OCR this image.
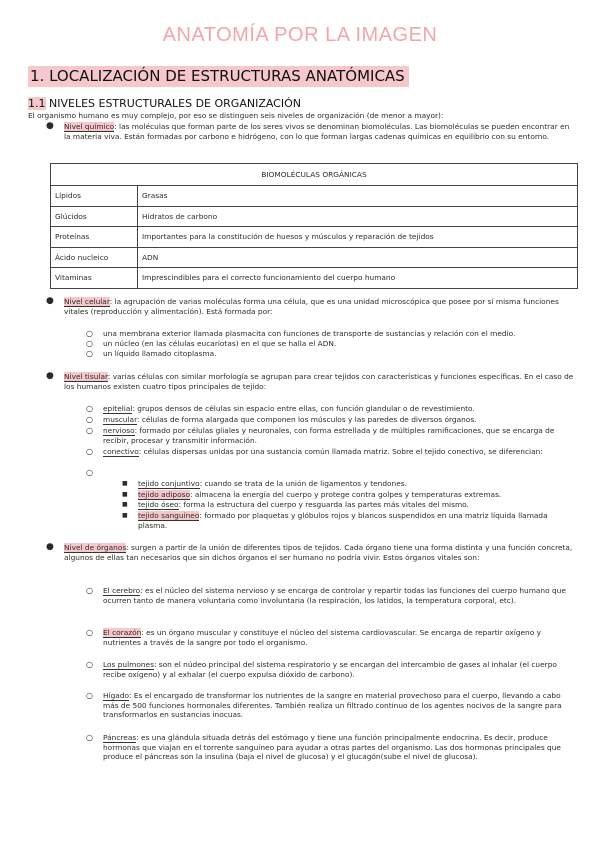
ANATOMÍA POR LA IMAGEN
1. LOCALIZACIÓN DE ESTRUCTURAS ANATÓMICAS
1.1 NIVELES ESTRUCTURALES DE ORGANIZACIÓN
El organismo humano es muy complejo, por eso se distinguen seis niveles de organización (de menor a mayor):
● Nivel químico: las moléculas que forman parte de los seres vivos se denominan biomoléculas. Las biomoléculas se pueden encontrar en la materia viva. Están formadas por carbono e hidrógeno, con lo que forman largas cadenas químicas en equilibrio con su entorno.
BIOMOLÉCULAS ORGÁNICAS	
Lípidos	Grasas
Glúcidos	Hidratos de carbono
Proteínas	Importantes para la constitución de huesos y músculos y reparación de tejidos
Ácido nucleico	ADN
Vitaminas	Imprescindibles para el correcto funcionamiento del cuerpo humano
● Nivel celular: la agrupación de varias moléculas forma una célula, que es una unidad microscópica que posee por sí misma funciones vitales (reproducción y alimentación). Está formada por:
○ una membrana exterior llamada plasmacita con funciones de transporte de sustancias y relación con el medio.
○ un núcleo (en las células eucariotas) en el que se halla el ADN.
○ un líquido llamado citoplasma.
● Nivel tisular: varias células con similar morfología se agrupan para crear tejidos con características y funciones específicas. En el caso de los humanos existen cuatro tipos principales de tejido:
○ epitelial: grupos densos de células sin espacio entre ellas, con función glandular o de revestimiento.
○ muscular: células de forma alargada que componen los músculos y las paredes de diversos órganos.
○ nervioso: formado por células gliales y neuronales, con forma estrellada y de múltiples ramificaciones, que se encarga de recibir, procesar y transmitir información.
○ conectivo: células dispersas unidas por una sustancia común llamada matriz. Sobre el tejido conectivo, se diferencian:
○
■ tejido conjuntivo: cuando se trata de la unión de ligamentos y tendones.
■ tejido adiposo: almacena la energía del cuerpo y protege contra golpes y temperaturas extremas.
■ tejido óseo: forma la estructura del cuerpo y resguarda las partes más vitales del mismo.
■ tejido sanguíneo: formado por plaquetas y glóbulos rojos y blancos suspendidos en una matriz líquida llamada plasma.
● Nivel de órganos: surgen a partir de la unión de diferentes tipos de tejidos. Cada órgano tiene una forma distinta y una función concreta, algunos de ellas tan necesarios que sin dichos órganos el ser humano no podría vivir. Estos órganos vitales son:
○ El cerebro: es el núcleo del sistema nervioso y se encarga de controlar y repartir todas las funciones del cuerpo humano que ocurren tanto de manera voluntaria como involuntaria (la respiración, los latidos, la temperatura corporal, etc).
○ El corazón: es un órgano muscular y constituye el núcleo del sistema cardiovascular. Se encarga de repartir oxígeno y nutrientes a través de la sangre por todo el organismo.
○ Los pulmones: son el núdeo principal del sistema respiratorio y se encargan del intercambio de gases al inhalar (el cuerpo recibe oxígeno) y al exhalar (el cuerpo expulsa dióxido de carbono).
○ Hígado: Es el encargado de transformar los nutrientes de la sangre en material provechoso para el cuerpo, llevando a cabo más de 500 funciones hormonales diferentes. También realiza un filtrado continuo de los agentes nocivos de la sangre para transformarlos en sustancias inocuas.
○ Páncreas: es una glándula situada detrás del estómago y tiene una función principalmente endocrina. Es decir, produce hormonas que viajan en el torrente sanguíneo para ayudar a otras partes del organismo. Las dos hormonas principales que produce el páncreas son la insulina (baja el nivel de glucosa) y el glucagón(sube el nivel de glucosa).
